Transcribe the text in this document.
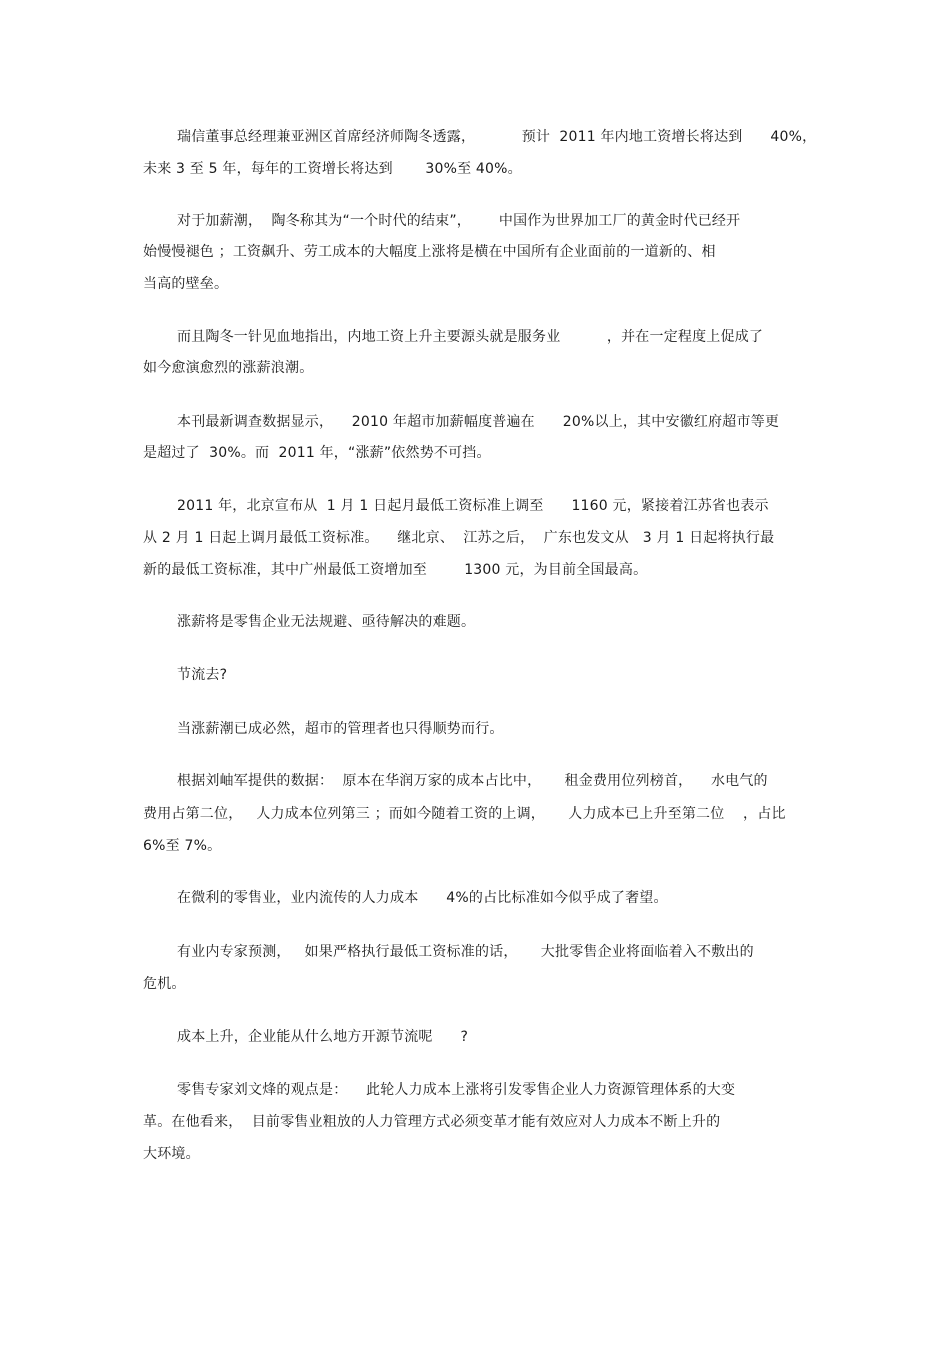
瑞信董事总经理兼亚洲区首席经济师陶冬透露，          预计  2011 年内地工资增长将达到      40%，
未来 3 至 5 年，每年的工资增长将达到       30%至 40%。
对于加薪潮，  陶冬称其为“一个时代的结束”，      中国作为世界加工厂的黄金时代已经开
始慢慢褪色 ；工资飙升、劳工成本的大幅度上涨将是横在中国所有企业面前的一道新的、相
当高的壁垒。
而且陶冬一针见血地指出，内地工资上升主要源头就是服务业          ，并在一定程度上促成了
如今愈演愈烈的涨薪浪潮。
本刊最新调查数据显示，    2010 年超市加薪幅度普遍在      20%以上，其中安徽红府超市等更
是超过了  30%。而  2011 年，“涨薪”依然势不可挡。
2011 年，北京宣布从  1 月 1 日起月最低工资标准上调至      1160 元，紧接着江苏省也表示
从 2 月 1 日起上调月最低工资标准。    继北京、  江苏之后，  广东也发文从   3 月 1 日起将执行最
新的最低工资标准，其中广州最低工资增加至        1300 元，为目前全国最高。
涨薪将是零售企业无法规避、亟待解决的难题。
节流去?
当涨薪潮已成必然，超市的管理者也只得顺势而行。
根据刘岫军提供的数据：  原本在华润万家的成本占比中，     租金费用位列榜首，    水电气的
费用占第二位，   人力成本位列第三 ；而如今随着工资的上调，     人力成本已上升至第二位    ，占比
6%至 7%。
在微利的零售业，业内流传的人力成本      4%的占比标准如今似乎成了奢望。
有业内专家预测，   如果严格执行最低工资标准的话，     大批零售企业将面临着入不敷出的
危机。
成本上升，企业能从什么地方开源节流呢      ?
零售专家刘文烽的观点是：    此轮人力成本上涨将引发零售企业人力资源管理体系的大变
革。在他看来，  目前零售业粗放的人力管理方式必须变革才能有效应对人力成本不断上升的
大环境。
